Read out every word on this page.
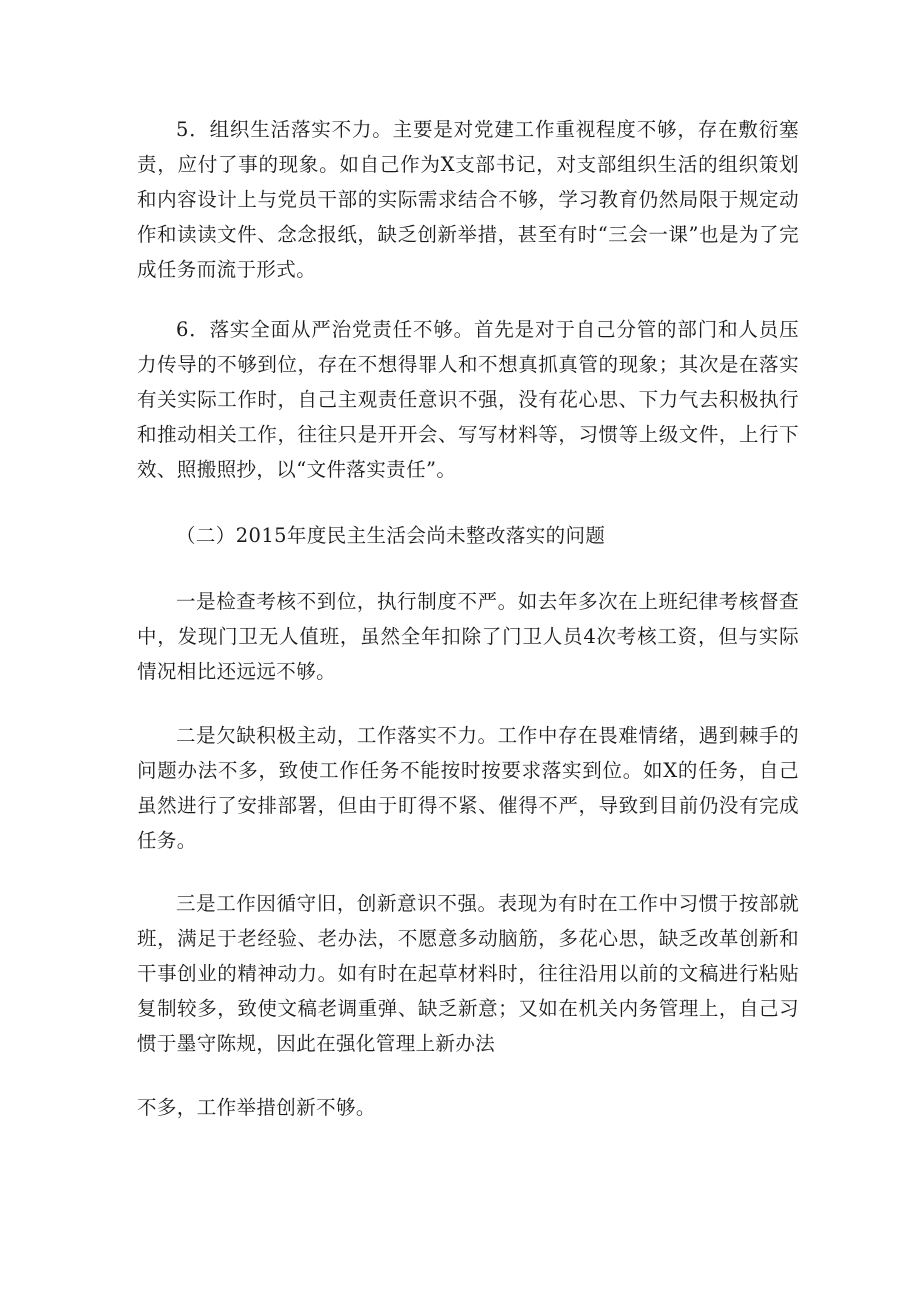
5．组织生活落实不力。主要是对党建工作重视程度不够，存在敷衍塞责，应付了事的现象。如自己作为X支部书记，对支部组织生活的组织策划和内容设计上与党员干部的实际需求结合不够，学习教育仍然局限于规定动作和读读文件、念念报纸，缺乏创新举措，甚至有时“三会一课”也是为了完成任务而流于形式。

6．落实全面从严治党责任不够。首先是对于自己分管的部门和人员压力传导的不够到位，存在不想得罪人和不想真抓真管的现象；其次是在落实有关实际工作时，自己主观责任意识不强，没有花心思、下力气去积极执行和推动相关工作，往往只是开开会、写写材料等，习惯等上级文件，上行下效、照搬照抄，以“文件落实责任”。

（二）2015年度民主生活会尚未整改落实的问题

一是检查考核不到位，执行制度不严。如去年多次在上班纪律考核督查中，发现门卫无人值班，虽然全年扣除了门卫人员4次考核工资，但与实际情况相比还远远不够。

二是欠缺积极主动，工作落实不力。工作中存在畏难情绪，遇到棘手的问题办法不多，致使工作任务不能按时按要求落实到位。如X的任务，自己虽然进行了安排部署，但由于盯得不紧、催得不严，导致到目前仍没有完成任务。

三是工作因循守旧，创新意识不强。表现为有时在工作中习惯于按部就班，满足于老经验、老办法，不愿意多动脑筋，多花心思，缺乏改革创新和干事创业的精神动力。如有时在起草材料时，往往沿用以前的文稿进行粘贴复制较多，致使文稿老调重弹、缺乏新意；又如在机关内务管理上，自己习惯于墨守陈规，因此在强化管理上新办法

不多，工作举措创新不够。
